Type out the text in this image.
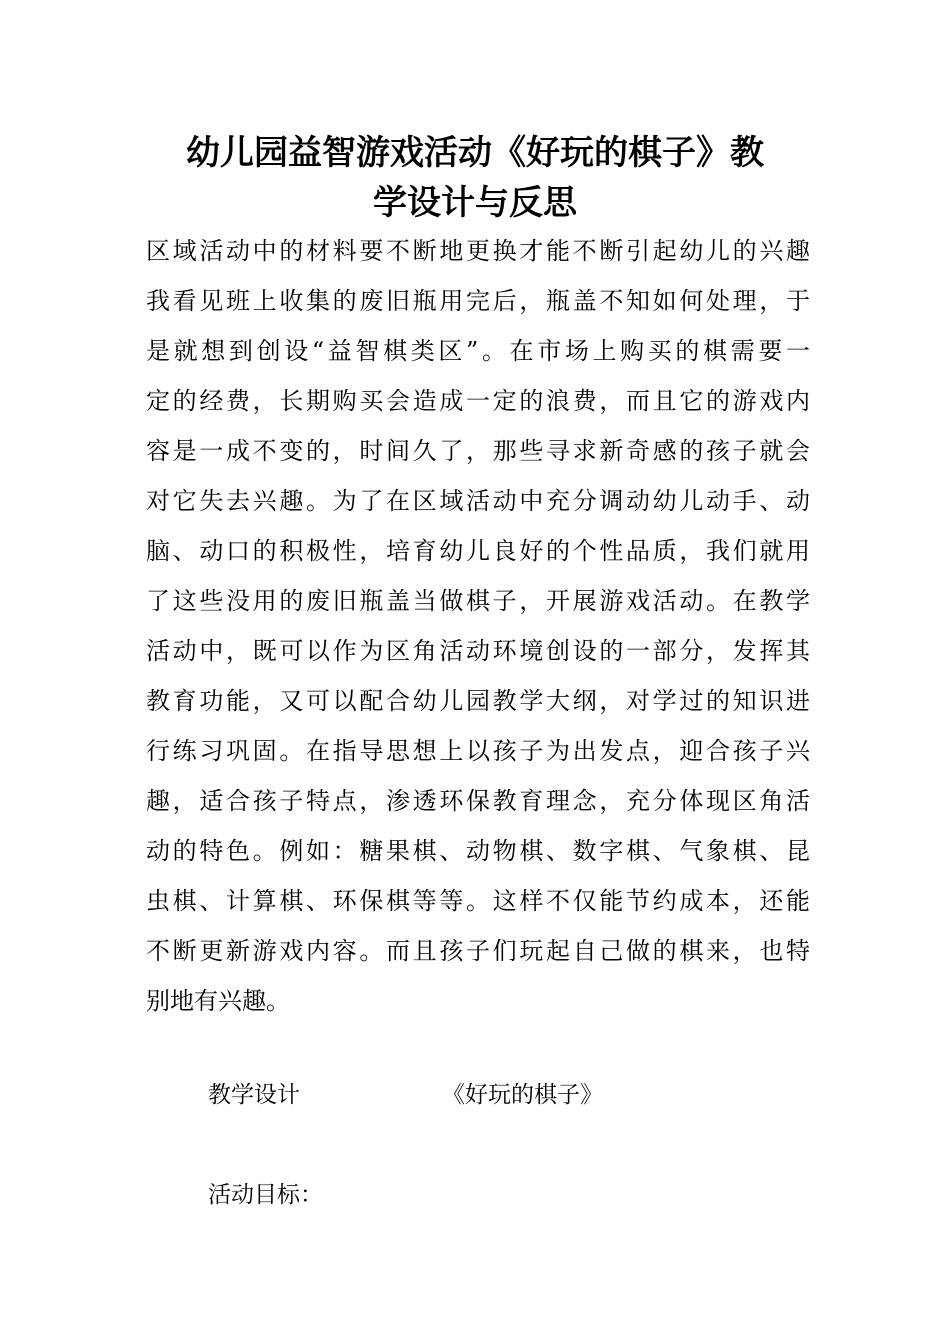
幼儿园益智游戏活动《好玩的棋子》教
学设计与反思
区域活动中的材料要不断地更换才能不断引起幼儿的兴趣
我看见班上收集的废旧瓶用完后，瓶盖不知如何处理，于
是就想到创设“益智棋类区”。在市场上购买的棋需要一
定的经费，长期购买会造成一定的浪费，而且它的游戏内
容是一成不变的，时间久了，那些寻求新奇感的孩子就会
对它失去兴趣。为了在区域活动中充分调动幼儿动手、动
脑、动口的积极性，培育幼儿良好的个性品质，我们就用
了这些没用的废旧瓶盖当做棋子，开展游戏活动。在教学
活动中，既可以作为区角活动环境创设的一部分，发挥其
教育功能，又可以配合幼儿园教学大纲，对学过的知识进
行练习巩固。在指导思想上以孩子为出发点，迎合孩子兴
趣，适合孩子特点，渗透环保教育理念，充分体现区角活
动的特色。例如：糖果棋、动物棋、数字棋、气象棋、昆
虫棋、计算棋、环保棋等等。这样不仅能节约成本，还能
不断更新游戏内容。而且孩子们玩起自己做的棋来，也特
别地有兴趣。
教学设计	《好玩的棋子》
活动目标：
